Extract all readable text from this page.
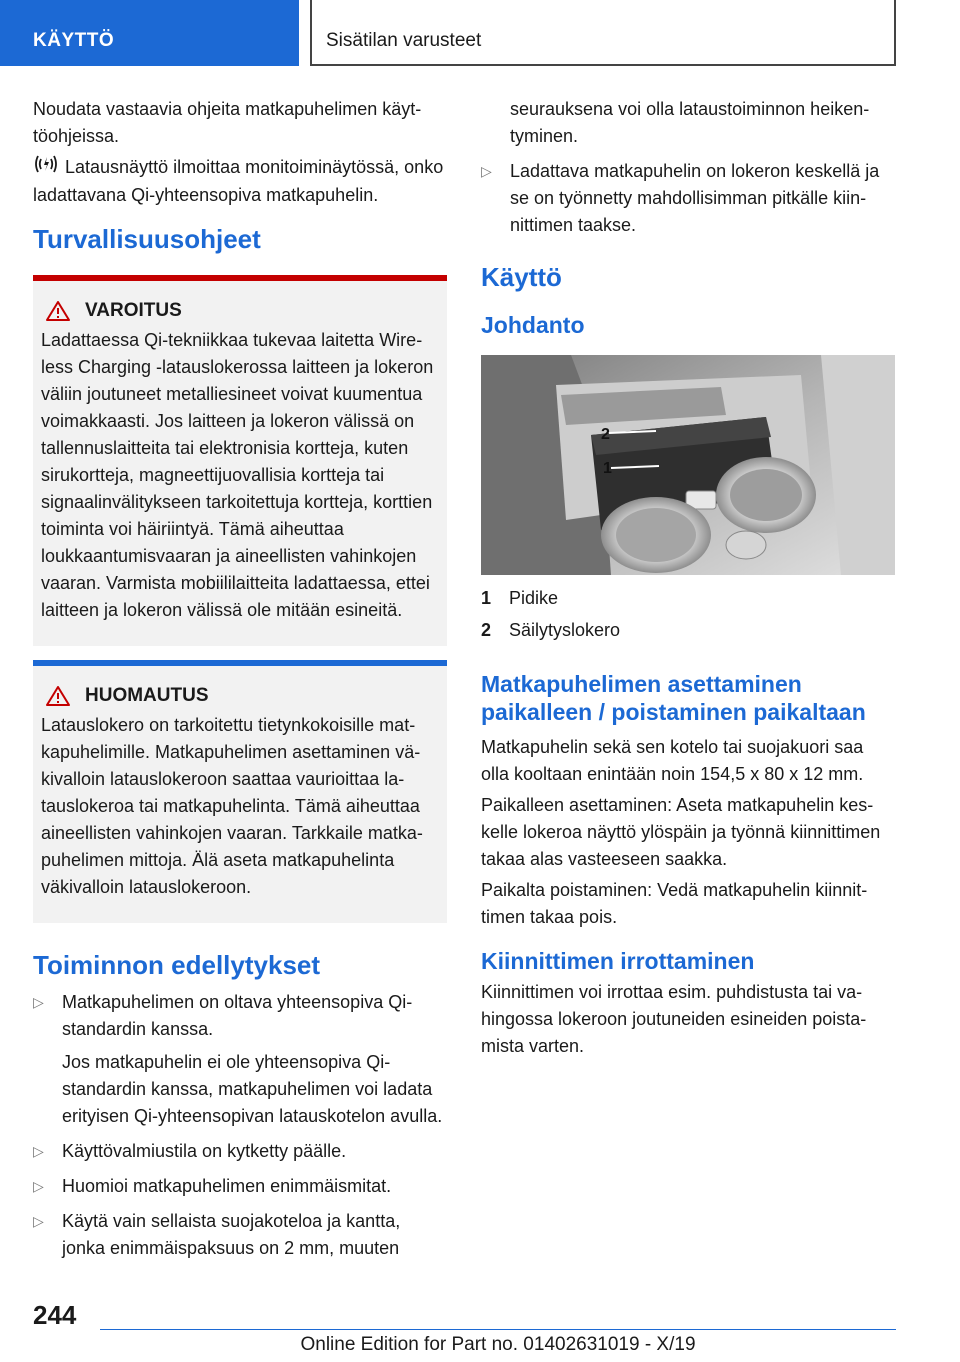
KÄYTTÖ	Sisätilan varusteet

Noudata vastaavia ohjeita matkapuhelimen käyttöohjeissa.

Latausnäyttö ilmoittaa monitoiminäytössä, onko ladattavana Qi-yhteensopiva matkapuhelin.

Turvallisuusohjeet
VAROITUS

Ladattaessa Qi-tekniikkaa tukevaa laitetta Wireless Charging -latauslokerossa laitteen ja lokeron väliin joutuneet metalliesineet voivat kuumentua voimakkaasti. Jos laitteen ja lokeron välissä on tallennuslaitteita tai elektronisia kortteja, kuten sirukortteja, magneettijuovallisia kortteja tai signaalinvälitykseen tarkoitettuja kortteja, korttien toiminta voi häiriintyä. Tämä aiheuttaa loukkaantumisvaaran ja aineellisten vahinkojen vaaran. Varmista mobiililaitteita ladattaessa, ettei laitteen ja lokeron välissä ole mitään esineitä.

HUOMAUTUS

Latauslokero on tarkoitettu tietynkokoisille matkapuhelimille. Matkapuhelimen asettaminen väkivalloin latauslokeroon saattaa vaurioittaa latauslokeroa tai matkapuhelinta. Tämä aiheuttaa aineellisten vahinkojen vaaran. Tarkkaile matkapuhelimen mittoja. Älä aseta matkapuhelinta väkivalloin latauslokeroon.

Toiminnon edellytykset
▷ Matkapuhelimen on oltava yhteensopiva Qi-standardin kanssa.
Jos matkapuhelin ei ole yhteensopiva Qi-standardin kanssa, matkapuhelimen voi ladata erityisen Qi-yhteensopivan latauskotelon avulla.
▷ Käyttövalmiustila on kytketty päälle.
▷ Huomioi matkapuhelimen enimmäismitat.
▷ Käytä vain sellaista suojakoteloa ja kantta, jonka enimmäispaksuus on 2 mm, muuten

seurauksena voi olla lataustoiminnon heikentyminen.

▷ Ladattava matkapuhelin on lokeron keskellä ja se on työnnetty mahdollisimman pitkälle kiinnittimen taakse.
Käyttö
Johdanto
2
1
1 Pidike
2 Säilytyslokero
Matkapuhelimen asettaminen paikalleen / poistaminen paikaltaan

Matkapuhelin sekä sen kotelo tai suojakuori saa olla kooltaan enintään noin 154,5 x 80 x 12 mm.

Paikalleen asettaminen: Aseta matkapuhelin keskelle lokeroa näyttö ylöspäin ja työnnä kiinnittimen takaa alas vasteeseen saakka.

Paikalta poistaminen: Vedä matkapuhelin kiinnittimen takaa pois.

Kiinnittimen irrottaminen

Kiinnittimen voi irrottaa esim. puhdistusta tai vahingossa lokeroon joutuneiden esineiden poistamista varten.

244
Online Edition for Part no. 01402631019 - X/19
